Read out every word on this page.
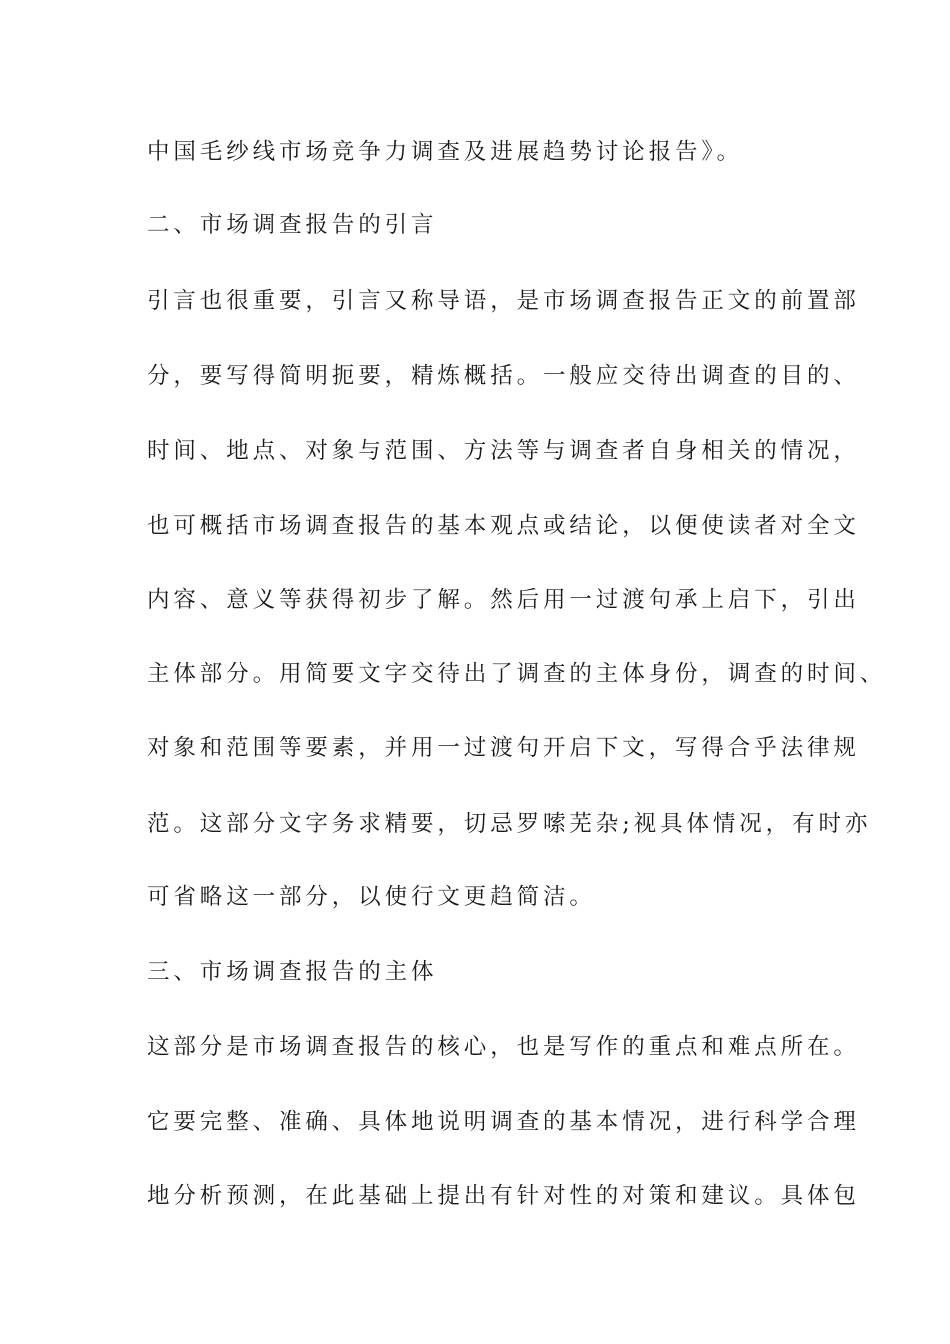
中国毛纱线市场竞争力调查及进展趋势讨论报告》。
二、市场调查报告的引言
引言也很重要，引言又称导语，是市场调查报告正文的前置部
分，要写得简明扼要，精炼概括。一般应交待出调查的目的、
时间、地点、对象与范围、方法等与调查者自身相关的情况，
也可概括市场调查报告的基本观点或结论，以便使读者对全文
内容、意义等获得初步了解。然后用一过渡句承上启下，引出
主体部分。用简要文字交待出了调查的主体身份，调查的时间、
对象和范围等要素，并用一过渡句开启下文，写得合乎法律规
范。这部分文字务求精要，切忌罗嗦芜杂;视具体情况，有时亦
可省略这一部分，以使行文更趋简洁。
三、市场调查报告的主体
这部分是市场调查报告的核心，也是写作的重点和难点所在。
它要完整、准确、具体地说明调查的基本情况，进行科学合理
地分析预测，在此基础上提出有针对性的对策和建议。具体包
